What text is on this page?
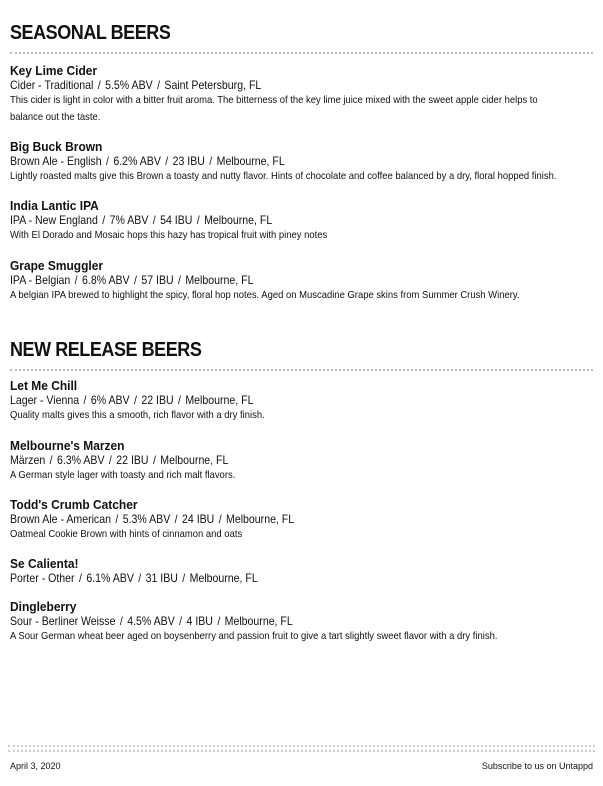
SEASONAL BEERS
Key Lime Cider
Cider - Traditional / 5.5% ABV / Saint Petersburg, FL
This cider is light in color with a bitter fruit aroma. The bitterness of the key lime juice mixed with the sweet apple cider helps to balance out the taste.
Big Buck Brown
Brown Ale - English / 6.2% ABV / 23 IBU / Melbourne, FL
Lightly roasted malts give this Brown a toasty and nutty flavor. Hints of chocolate and coffee balanced by a dry, floral hopped finish.
India Lantic IPA
IPA - New England / 7% ABV / 54 IBU / Melbourne, FL
With El Dorado and Mosaic hops this hazy has tropical fruit with piney notes
Grape Smuggler
IPA - Belgian / 6.8% ABV / 57 IBU / Melbourne, FL
A belgian IPA brewed to highlight the spicy, floral hop notes. Aged on Muscadine Grape skins from Summer Crush Winery.
NEW RELEASE BEERS
Let Me Chill
Lager - Vienna / 6% ABV / 22 IBU / Melbourne, FL
Quality malts gives this a smooth, rich flavor with a dry finish.
Melbourne's Marzen
Märzen / 6.3% ABV / 22 IBU / Melbourne, FL
A German style lager with toasty and rich malt flavors.
Todd's Crumb Catcher
Brown Ale - American / 5.3% ABV / 24 IBU / Melbourne, FL
Oatmeal Cookie Brown with hints of cinnamon and oats
Se Calienta!
Porter - Other / 6.1% ABV / 31 IBU / Melbourne, FL
Dingleberry
Sour - Berliner Weisse / 4.5% ABV / 4 IBU / Melbourne, FL
A Sour German wheat beer aged on boysenberry and passion fruit to give a tart slightly sweet flavor with a dry finish.
April 3, 2020	Subscribe to us on Untappd
